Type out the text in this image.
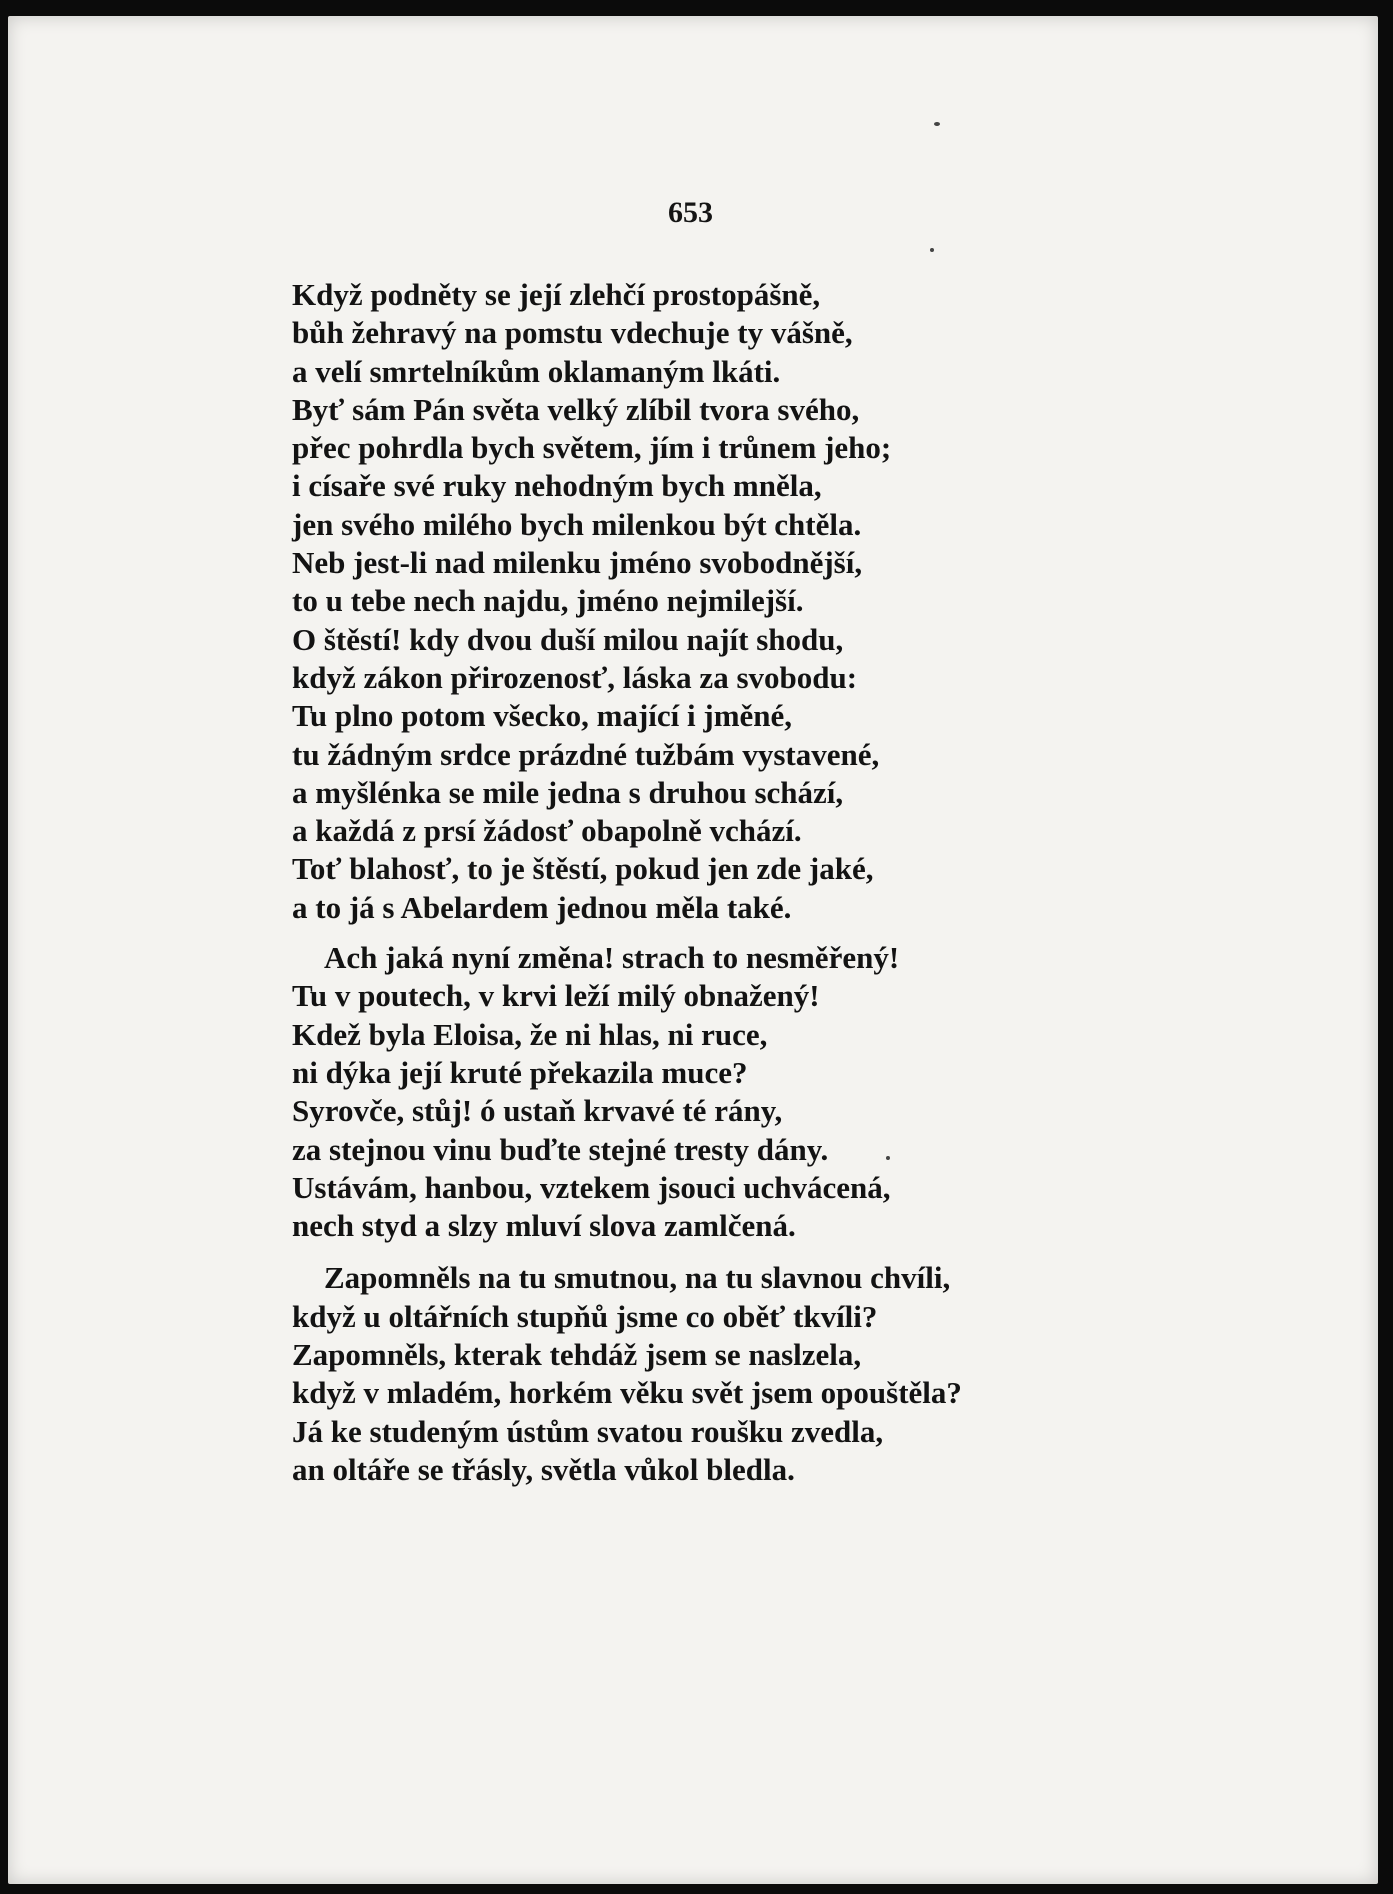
653
Když podněty se její zlehčí prostopášně,
bůh žehravý na pomstu vdechuje ty vášně,
a velí smrtelníkům oklamaným lkáti.
Byť sám Pán světa velký zlíbil tvora svého,
přec pohrdla bych světem, jím i trůnem jeho;
i císaře své ruky nehodným bych mněla,
jen svého milého bych milenkou být chtěla.
Neb jest-li nad milenku jméno svobodnější,
to u tebe nech najdu, jméno nejmilejší.
O štěstí! kdy dvou duší milou najít shodu,
když zákon přirozenosť, láska za svobodu:
Tu plno potom všecko, mající i jměné,
tu žádným srdce prázdné tužbám vystavené,
a myšlénka se mile jedna s druhou schází,
a každá z prsí žádosť obapolně vchází.
Toť blahosť, to je štěstí, pokud jen zde jaké,
a to já s Abelardem jednou měla také.
Ach jaká nyní změna! strach to nesměřený!
Tu v poutech, v krvi leží milý obnažený!
Kdež byla Eloisa, že ni hlas, ni ruce,
ni dýka její kruté překazila muce?
Syrovče, stůj! ó ustaň krvavé té rány,
za stejnou vinu buďte stejné tresty dány.
Ustávám, hanbou, vztekem jsouci uchvácená,
nech styd a slzy mluví slova zamlčená.
Zapomněls na tu smutnou, na tu slavnou chvíli,
když u oltářních stupňů jsme co oběť tkvíli?
Zapomněls, kterak tehdáž jsem se naslzela,
když v mladém, horkém věku svět jsem opouštěla?
Já ke studeným ústům svatou roušku zvedla,
an oltáře se třásly, světla vůkol bledla.
